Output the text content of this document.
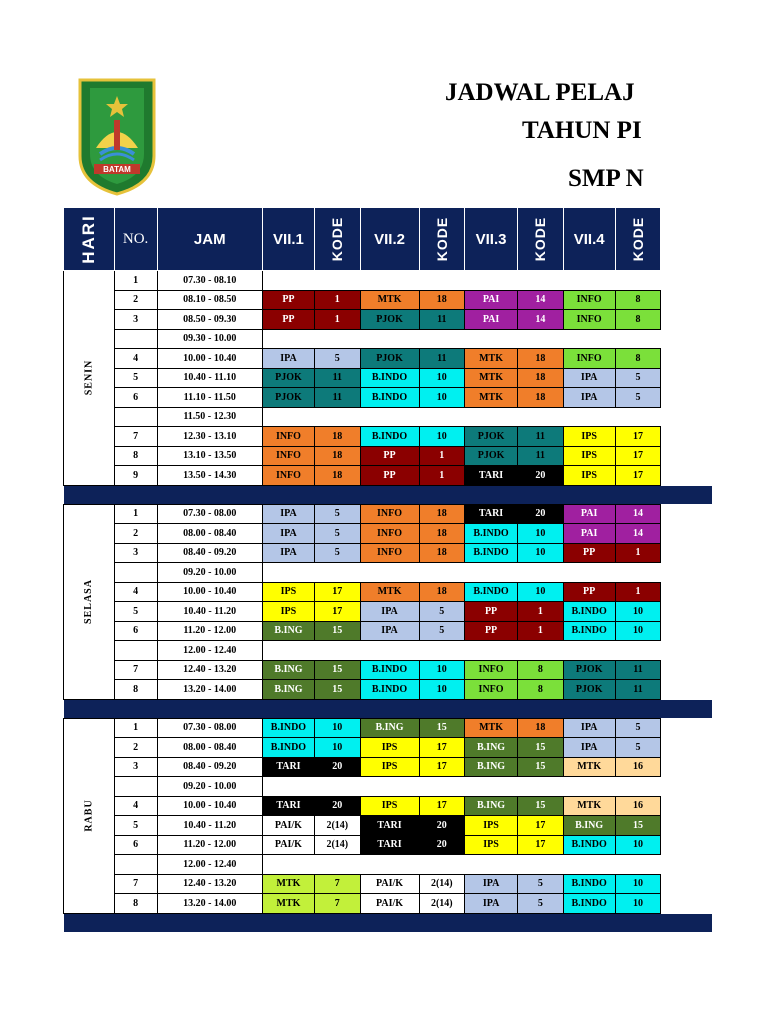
BATAM
JADWAL PELAJ
TAHUN PI
SMP N
HARI	NO.	JAM	VII.1	KODE	VII.2	KODE	VII.3	KODE	VII.4	KODE	
SENIN	1	07.30 - 08.10									
	2	08.10 - 08.50	PP	1	MTK	18	PAI	14	INFO	8	
	3	08.50 - 09.30	PP	1	PJOK	11	PAI	14	INFO	8	
		09.30 - 10.00									
	4	10.00 - 10.40	IPA	5	PJOK	11	MTK	18	INFO	8	
	5	10.40 - 11.10	PJOK	11	B.INDO	10	MTK	18	IPA	5	
	6	11.10 - 11.50	PJOK	11	B.INDO	10	MTK	18	IPA	5	
		11.50 - 12.30									
	7	12.30 - 13.10	INFO	18	B.INDO	10	PJOK	11	IPS	17	
	8	13.10 - 13.50	INFO	18	PP	1	PJOK	11	IPS	17	
	9	13.50 - 14.30	INFO	18	PP	1	TARI	20	IPS	17	

SELASA	1	07.30 - 08.00	IPA	5	INFO	18	TARI	20	PAI	14	
	2	08.00 - 08.40	IPA	5	INFO	18	B.INDO	10	PAI	14	
	3	08.40 - 09.20	IPA	5	INFO	18	B.INDO	10	PP	1	
		09.20 - 10.00									
	4	10.00 - 10.40	IPS	17	MTK	18	B.INDO	10	PP	1	
	5	10.40 - 11.20	IPS	17	IPA	5	PP	1	B.INDO	10	
	6	11.20 - 12.00	B.ING	15	IPA	5	PP	1	B.INDO	10	
		12.00 - 12.40									
	7	12.40 - 13.20	B.ING	15	B.INDO	10	INFO	8	PJOK	11	
	8	13.20 - 14.00	B.ING	15	B.INDO	10	INFO	8	PJOK	11	

RABU	1	07.30 - 08.00	B.INDO	10	B.ING	15	MTK	18	IPA	5	
	2	08.00 - 08.40	B.INDO	10	IPS	17	B.ING	15	IPA	5	
	3	08.40 - 09.20	TARI	20	IPS	17	B.ING	15	MTK	16	
		09.20 - 10.00									
	4	10.00 - 10.40	TARI	20	IPS	17	B.ING	15	MTK	16	
	5	10.40 - 11.20	PAI/K	2(14)	TARI	20	IPS	17	B.ING	15	
	6	11.20 - 12.00	PAI/K	2(14)	TARI	20	IPS	17	B.INDO	10	
		12.00 - 12.40									
	7	12.40 - 13.20	MTK	7	PAI/K	2(14)	IPA	5	B.INDO	10	
	8	13.20 - 14.00	MTK	7	PAI/K	2(14)	IPA	5	B.INDO	10	
